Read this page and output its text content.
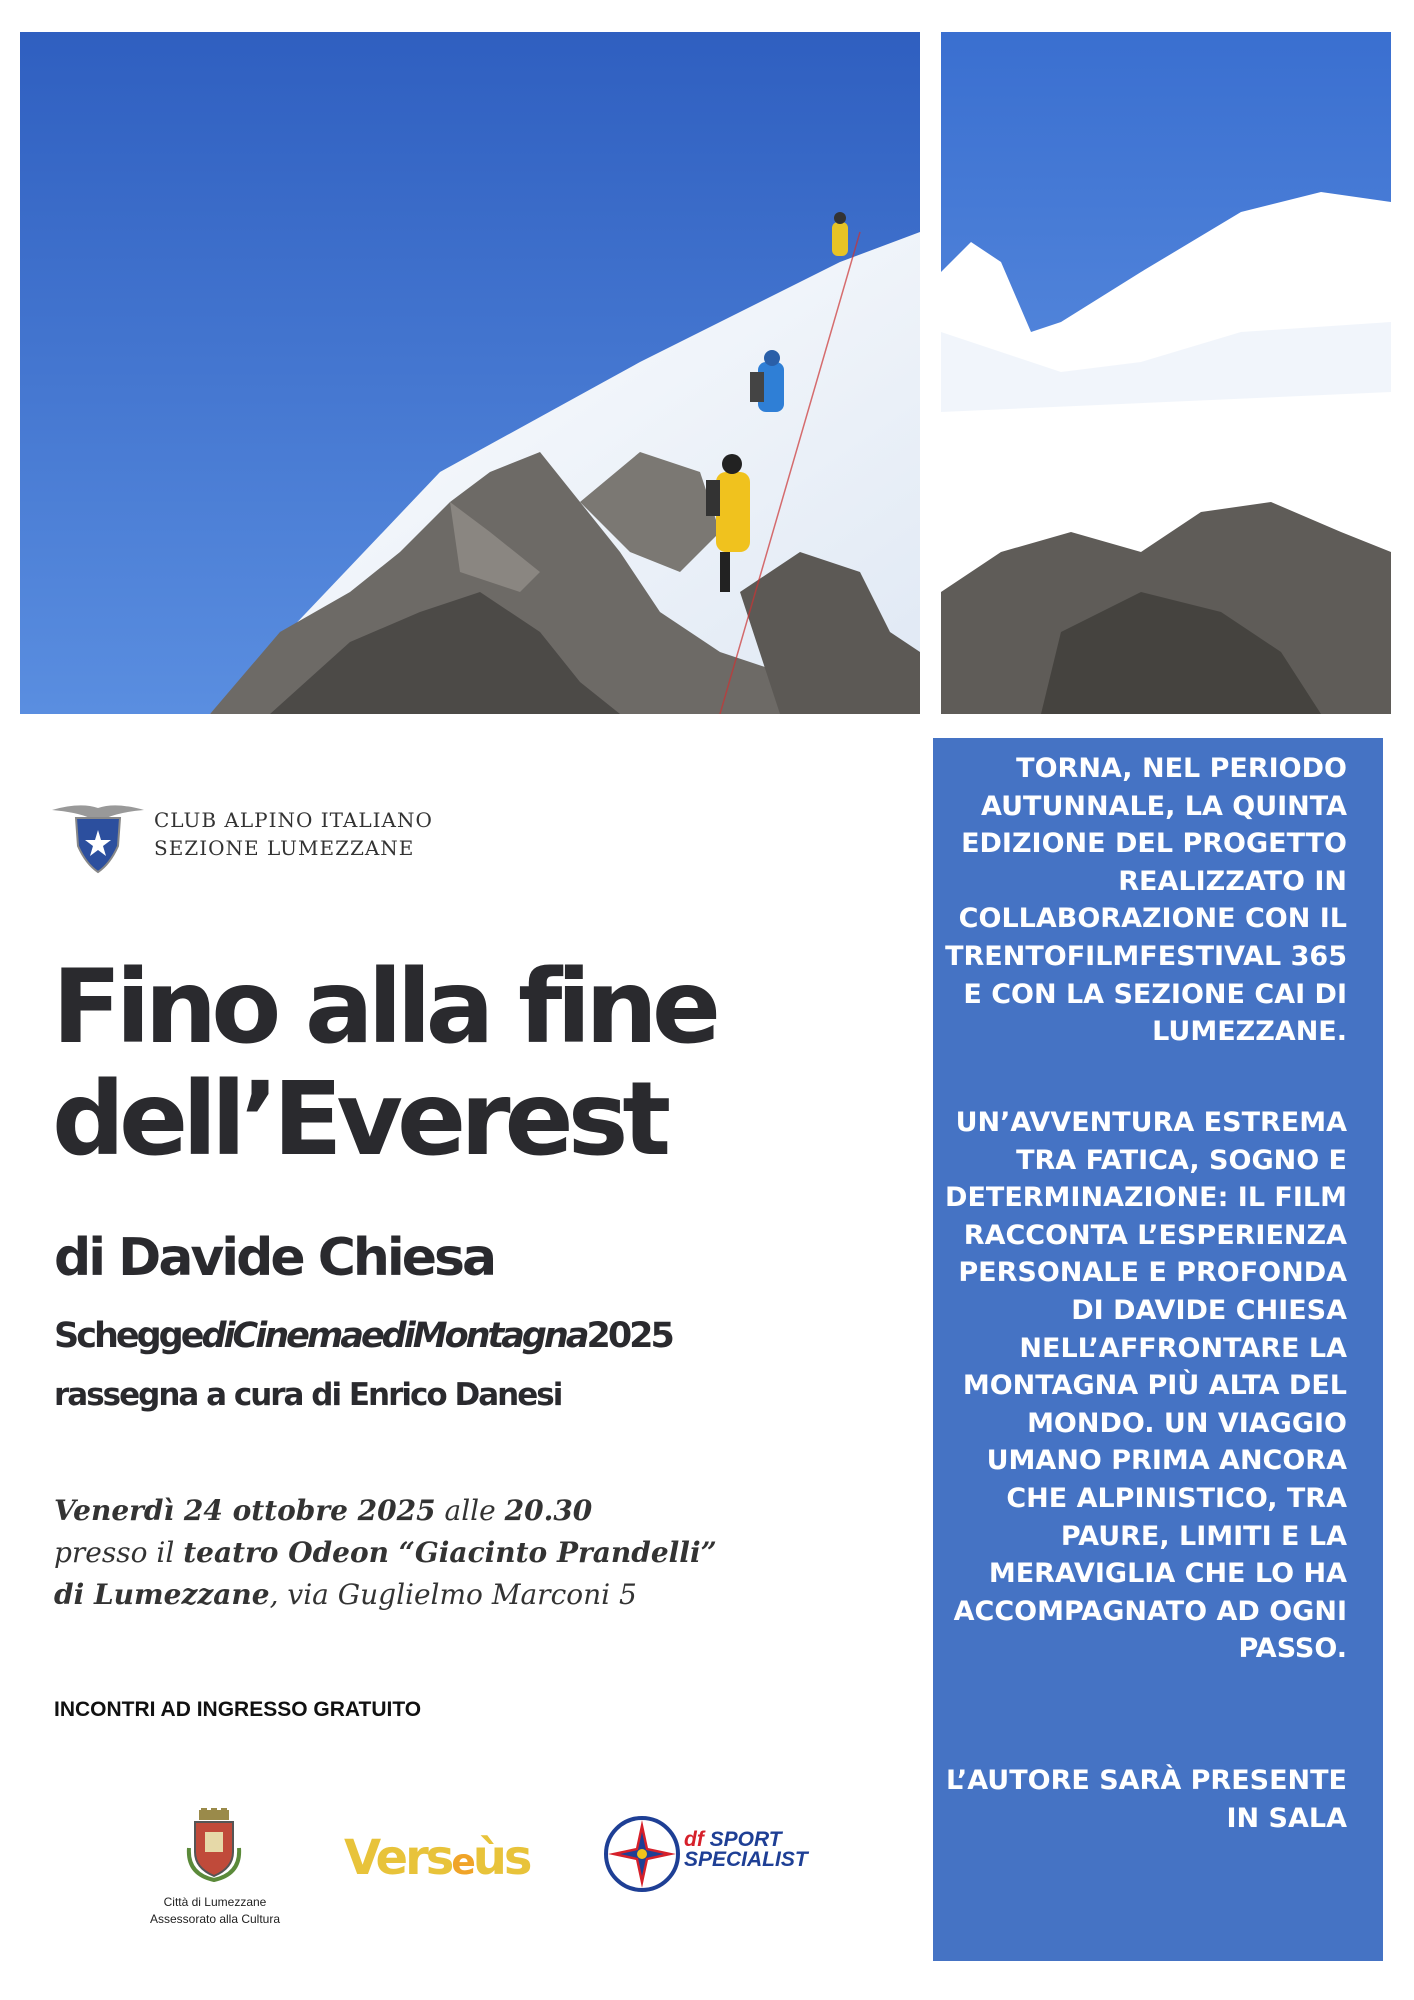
CLUB ALPINO ITALIANO
SEZIONE LUMEZZANE
Fino alla fine
dell’Everest
di Davide Chiesa
ScheggediCinemaediMontagna2025
rassegna a cura di Enrico Danesi
Venerdì 24 ottobre 2025 alle 20.30
presso il teatro Odeon “Giacinto Prandelli”
di Lumezzane, via Guglielmo Marconi 5
INCONTRI AD INGRESSO GRATUITO
Città di Lumezzane
Assessorato alla Cultura
Verseùs	df SPORT
SPECIALIST

TORNA, NEL PERIODO AUTUNNALE, LA QUINTA EDIZIONE DEL PROGETTO REALIZZATO IN COLLABORAZIONE CON IL TRENTOFILMFESTIVAL 365 E CON LA SEZIONE CAI DI LUMEZZANE.

UN’AVVENTURA ESTREMA TRA FATICA, SOGNO E DETERMINAZIONE: IL FILM RACCONTA L’ESPERIENZA PERSONALE E PROFONDA DI DAVIDE CHIESA NELL’AFFRONTARE LA MONTAGNA PIÙ ALTA DEL MONDO. UN VIAGGIO UMANO PRIMA ANCORA CHE ALPINISTICO, TRA PAURE, LIMITI E LA MERAVIGLIA CHE LO HA ACCOMPAGNATO AD OGNI PASSO.

L’AUTORE SARÀ PRESENTE IN SALA
